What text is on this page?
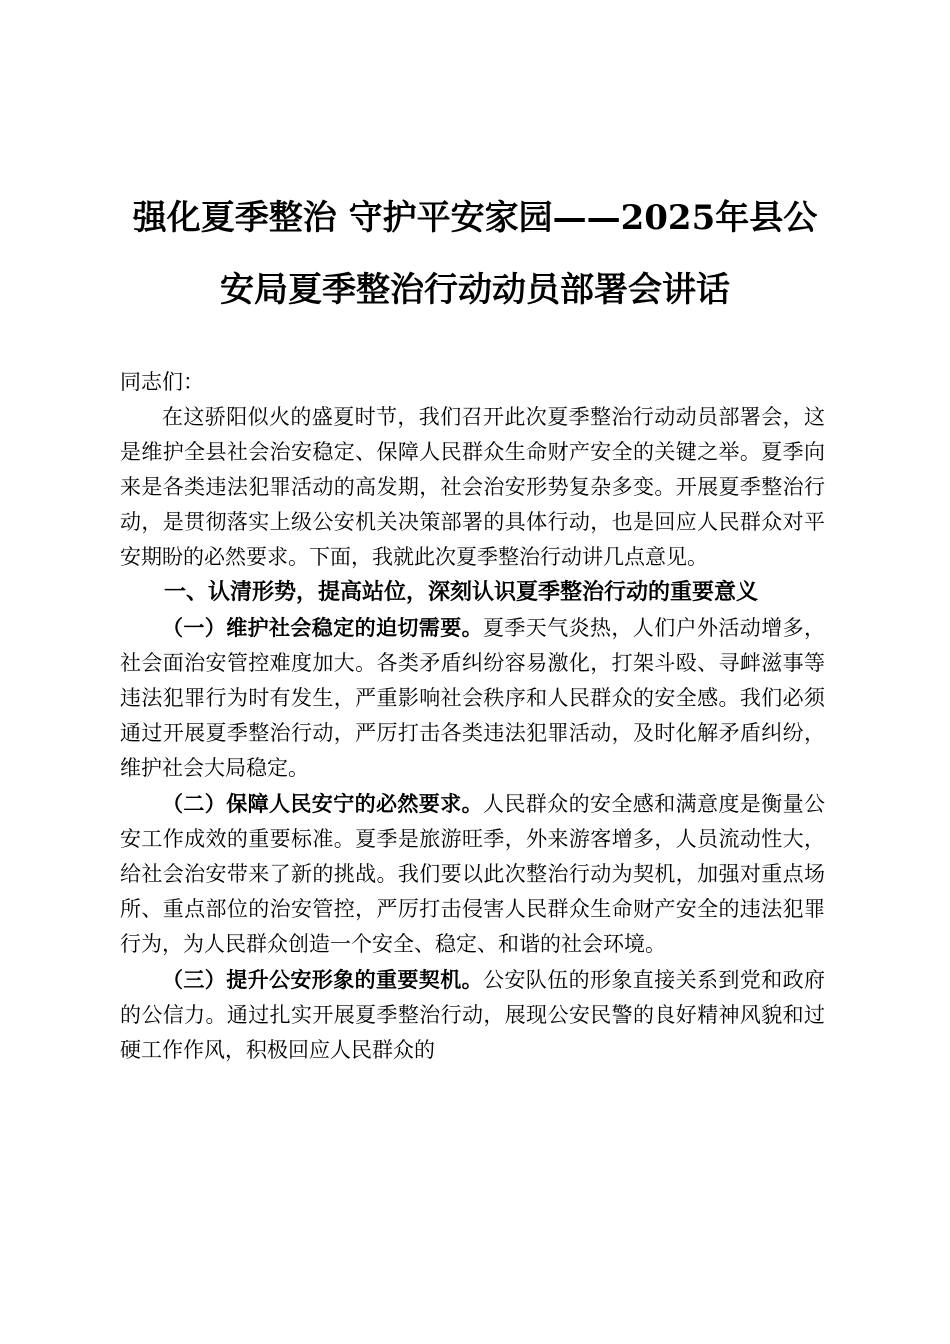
强化夏季整治 守护平安家园——2025年县公
安局夏季整治行动动员部署会讲话

同志们：

在这骄阳似火的盛夏时节，我们召开此次夏季整治行动动员部署会，这是维护全县社会治安稳定、保障人民群众生命财产安全的关键之举。夏季向来是各类违法犯罪活动的高发期，社会治安形势复杂多变。开展夏季整治行动，是贯彻落实上级公安机关决策部署的具体行动，也是回应人民群众对平安期盼的必然要求。下面，我就此次夏季整治行动讲几点意见。

一、认清形势，提高站位，深刻认识夏季整治行动的重要意义

（一）维护社会稳定的迫切需要。夏季天气炎热，人们户外活动增多，社会面治安管控难度加大。各类矛盾纠纷容易激化，打架斗殴、寻衅滋事等违法犯罪行为时有发生，严重影响社会秩序和人民群众的安全感。我们必须通过开展夏季整治行动，严厉打击各类违法犯罪活动，及时化解矛盾纠纷，维护社会大局稳定。

（二）保障人民安宁的必然要求。人民群众的安全感和满意度是衡量公安工作成效的重要标准。夏季是旅游旺季，外来游客增多，人员流动性大，给社会治安带来了新的挑战。我们要以此次整治行动为契机，加强对重点场所、重点部位的治安管控，严厉打击侵害人民群众生命财产安全的违法犯罪行为，为人民群众创造一个安全、稳定、和谐的社会环境。

（三）提升公安形象的重要契机。公安队伍的形象直接关系到党和政府的公信力。通过扎实开展夏季整治行动，展现公安民警的良好精神风貌和过硬工作作风，积极回应人民群众的
